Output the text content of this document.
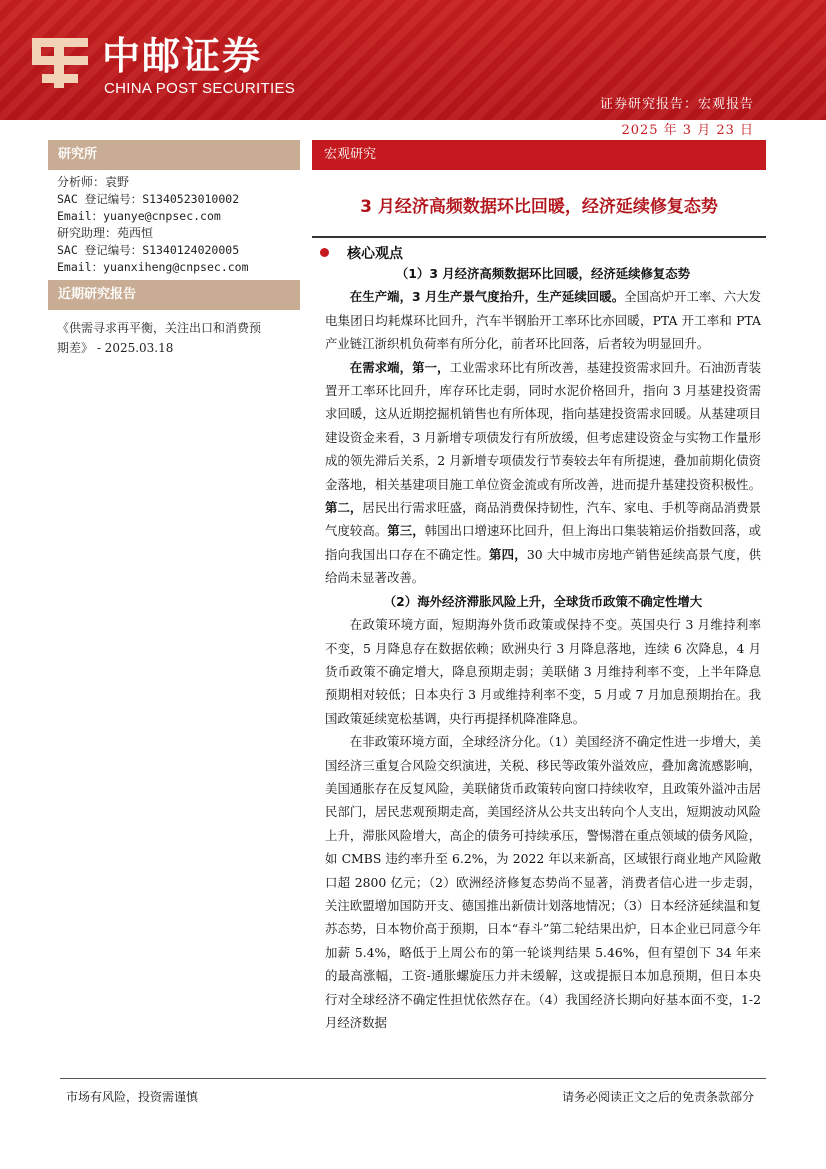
中邮证券
CHINA POST SECURITIES
证券研究报告：宏观报告
2025 年 3 月 23 日
研究所
分析师：袁野
SAC 登记编号：S1340523010002
Email：yuanye@cnpsec.com
研究助理：苑西恒
SAC 登记编号：S1340124020005
Email：yuanxiheng@cnpsec.com
近期研究报告
《供需寻求再平衡，关注出口和消费预
期差》 - 2025.03.18
宏观研究
3 月经济高频数据环比回暖，经济延续修复态势
核心观点

（1）3 月经济高频数据环比回暖，经济延续修复态势

在生产端，3 月生产景气度抬升，生产延续回暖。全国高炉开工率、六大发电集团日均耗煤环比回升，汽车半钢胎开工率环比亦回暖，PTA 开工率和 PTA 产业链江浙织机负荷率有所分化，前者环比回落，后者较为明显回升。

在需求端，第一，工业需求环比有所改善，基建投资需求回升。石油沥青装置开工率环比回升，库存环比走弱，同时水泥价格回升，指向 3 月基建投资需求回暖，这从近期挖掘机销售也有所体现，指向基建投资需求回暖。从基建项目建设资金来看，3 月新增专项债发行有所放缓，但考虑建设资金与实物工作量形成的领先滞后关系，2 月新增专项债发行节奏较去年有所提速，叠加前期化债资金落地，相关基建项目施工单位资金流或有所改善，进而提升基建投资积极性。第二，居民出行需求旺盛，商品消费保持韧性，汽车、家电、手机等商品消费景气度较高。第三，韩国出口增速环比回升，但上海出口集装箱运价指数回落，或指向我国出口存在不确定性。第四，30 大中城市房地产销售延续高景气度，供给尚未显著改善。

（2）海外经济滞胀风险上升，全球货币政策不确定性增大

在政策环境方面，短期海外货币政策或保持不变。英国央行 3 月维持利率不变，5 月降息存在数据依赖；欧洲央行 3 月降息落地，连续 6 次降息，4 月货币政策不确定增大，降息预期走弱；美联储 3 月维持利率不变，上半年降息预期相对较低；日本央行 3 月或维持利率不变，5 月或 7 月加息预期抬在。我国政策延续宽松基调，央行再提择机降准降息。

在非政策环境方面，全球经济分化。（1）美国经济不确定性进一步增大，美国经济三重复合风险交织演进，关税、移民等政策外溢效应，叠加禽流感影响，美国通胀存在反复风险，美联储货币政策转向窗口持续收窄，且政策外溢冲击居民部门，居民悲观预期走高，美国经济从公共支出转向个人支出，短期波动风险上升，滞胀风险增大，高企的债务可持续承压，警惕潜在重点领域的债务风险，如 CMBS 违约率升至 6.2%，为 2022 年以来新高，区域银行商业地产风险敞口超 2800 亿元；（2）欧洲经济修复态势尚不显著，消费者信心进一步走弱，关注欧盟增加国防开支、德国推出新债计划落地情况；（3）日本经济延续温和复苏态势，日本物价高于预期，日本“春斗”第二轮结果出炉，日本企业已同意今年加薪 5.4%，略低于上周公布的第一轮谈判结果 5.46%，但有望创下 34 年来的最高涨幅，工资-通胀螺旋压力并未缓解，这或提振日本加息预期，但日本央行对全球经济不确定性担忧依然存在。（4）我国经济长期向好基本面不变，1-2 月经济数据

市场有风险，投资需谨慎	请务必阅读正文之后的免责条款部分
